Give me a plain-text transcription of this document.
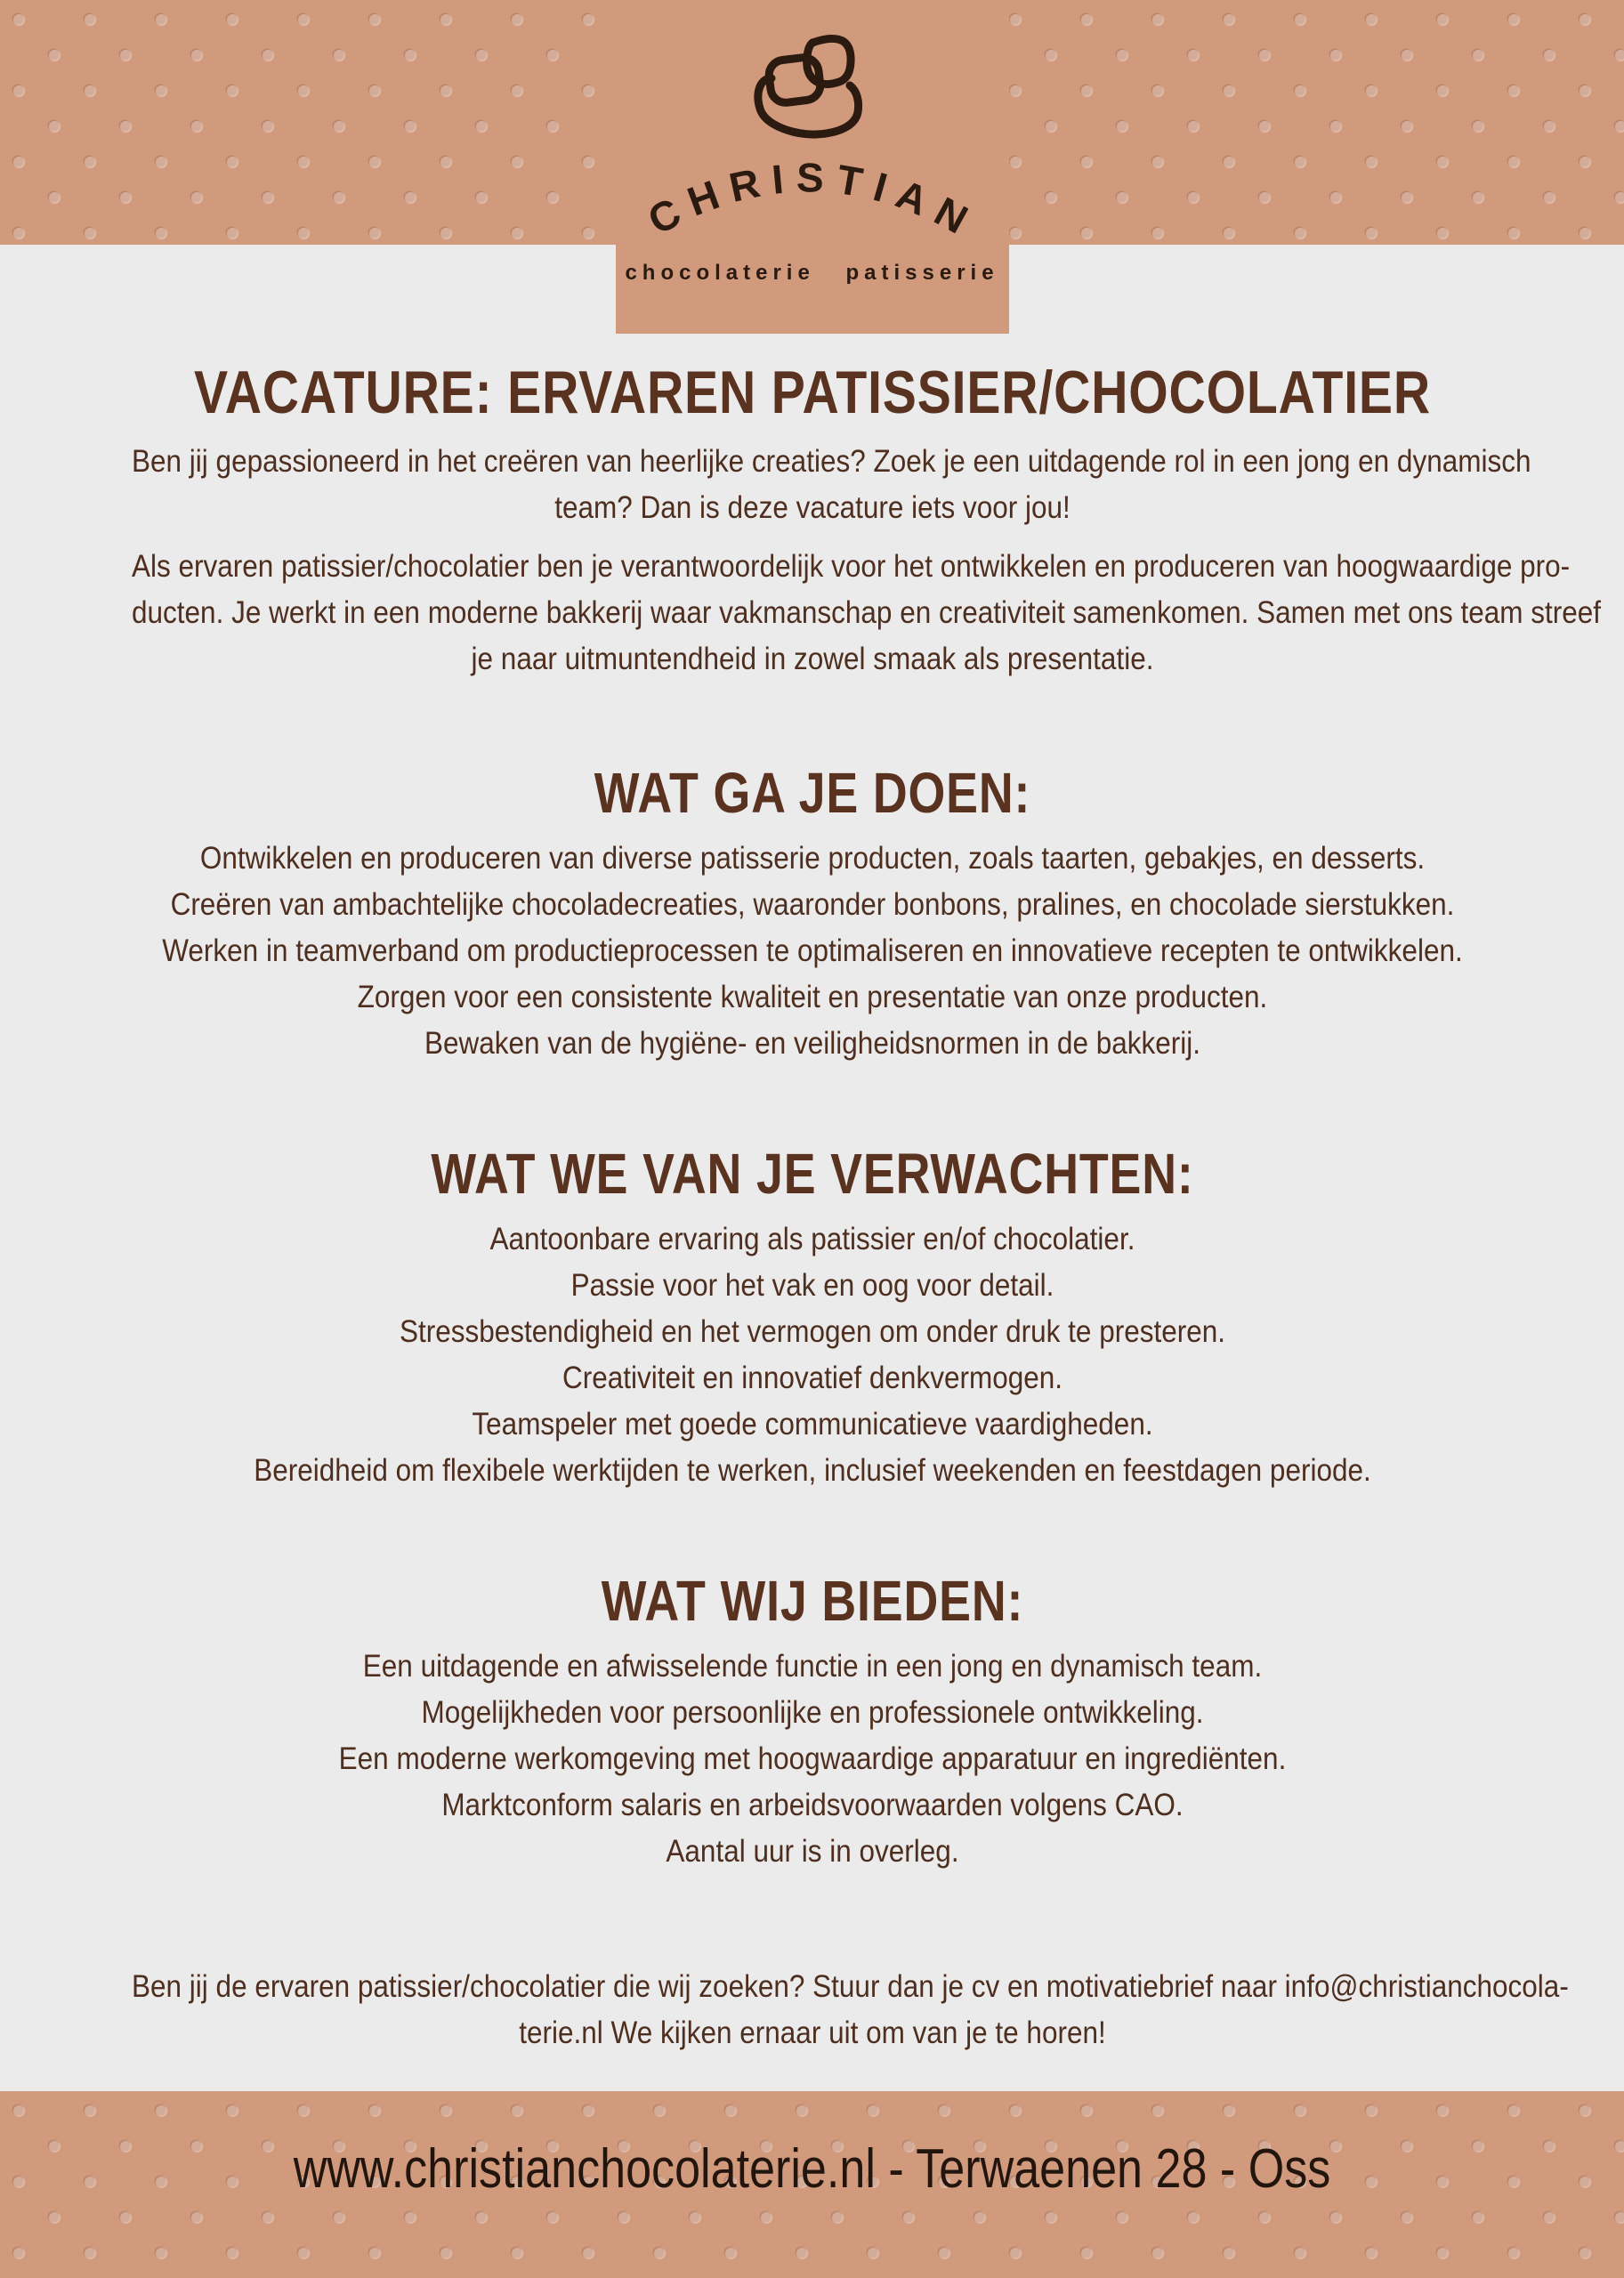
CHRISTIAN
chocolaterie patisserie
VACATURE: ERVAREN PATISSIER/CHOCOLATIER
Ben jij gepassioneerd in het creëren van heerlijke creaties? Zoek je een uitdagende rol in een jong en dynamisch
team? Dan is deze vacature iets voor jou!
Als ervaren patissier/chocolatier ben je verantwoordelijk voor het ontwikkelen en produceren van hoogwaardige pro-
ducten. Je werkt in een moderne bakkerij waar vakmanschap en creativiteit samenkomen. Samen met ons team streef
je naar uitmuntendheid in zowel smaak als presentatie.
WAT GA JE DOEN:
Ontwikkelen en produceren van diverse patisserie producten, zoals taarten, gebakjes, en desserts.
Creëren van ambachtelijke chocoladecreaties, waaronder bonbons, pralines, en chocolade sierstukken.
Werken in teamverband om productieprocessen te optimaliseren en innovatieve recepten te ontwikkelen.
Zorgen voor een consistente kwaliteit en presentatie van onze producten.
Bewaken van de hygiëne- en veiligheidsnormen in de bakkerij.
WAT WE VAN JE VERWACHTEN:
Aantoonbare ervaring als patissier en/of chocolatier.
Passie voor het vak en oog voor detail.
Stressbestendigheid en het vermogen om onder druk te presteren.
Creativiteit en innovatief denkvermogen.
Teamspeler met goede communicatieve vaardigheden.
Bereidheid om flexibele werktijden te werken, inclusief weekenden en feestdagen periode.
WAT WIJ BIEDEN:
Een uitdagende en afwisselende functie in een jong en dynamisch team.
Mogelijkheden voor persoonlijke en professionele ontwikkeling.
Een moderne werkomgeving met hoogwaardige apparatuur en ingrediënten.
Marktconform salaris en arbeidsvoorwaarden volgens CAO.
Aantal uur is in overleg.
Ben jij de ervaren patissier/chocolatier die wij zoeken? Stuur dan je cv en motivatiebrief naar info@christianchocola-
terie.nl We kijken ernaar uit om van je te horen!
www.christianchocolaterie.nl - Terwaenen 28 - Oss
